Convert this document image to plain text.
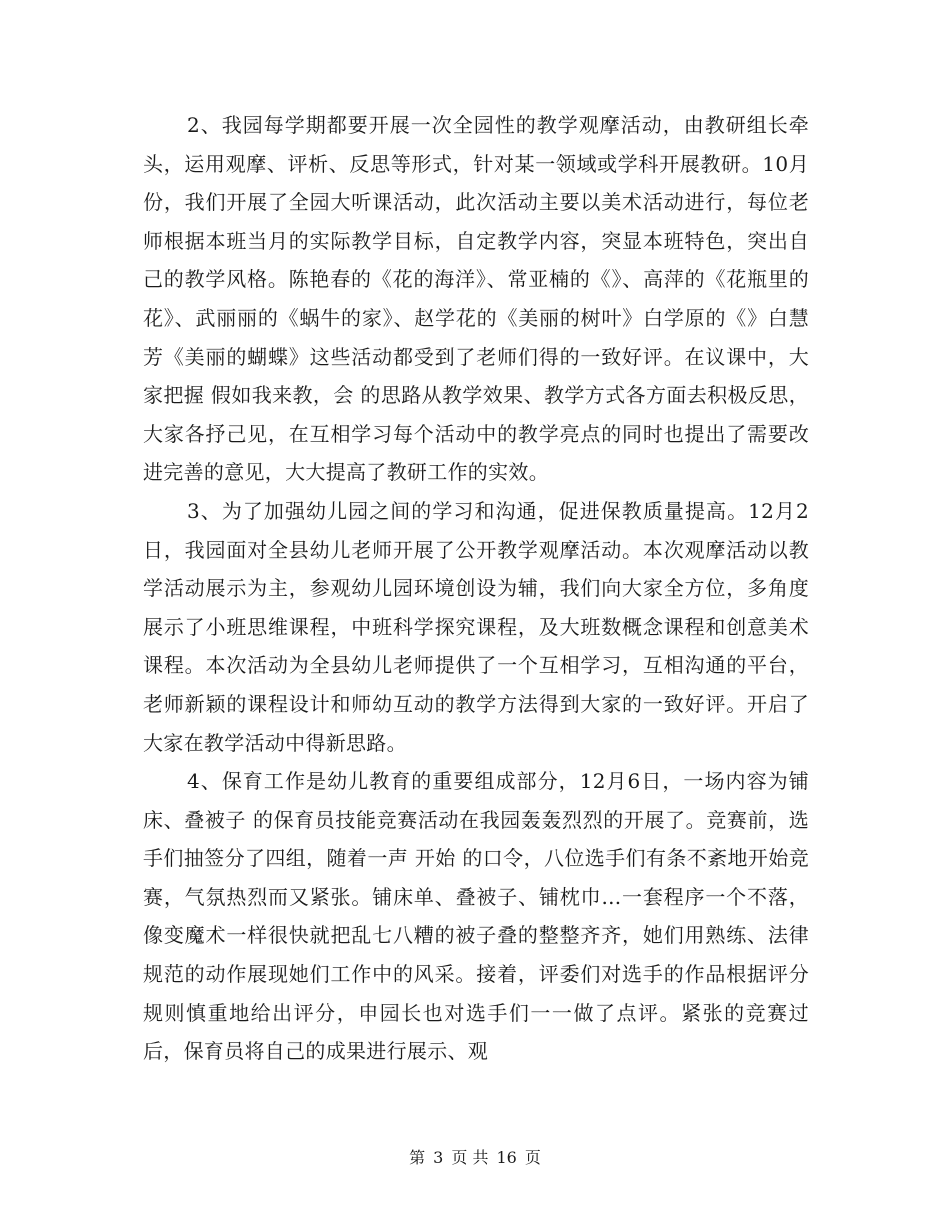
2、我园每学期都要开展一次全园性的教学观摩活动，由教研组长牵头，运用观摩、评析、反思等形式，针对某一领域或学科开展教研。10月份，我们开展了全园大听课活动，此次活动主要以美术活动进行，每位老师根据本班当月的实际教学目标，自定教学内容，突显本班特色，突出自己的教学风格。陈艳春的《花的海洋》、常亚楠的《》、高萍的《花瓶里的花》、武丽丽的《蜗牛的家》、赵学花的《美丽的树叶》白学原的《》白慧芳《美丽的蝴蝶》这些活动都受到了老师们得的一致好评。在议课中，大家把握 假如我来教，会 的思路从教学效果、教学方式各方面去积极反思，大家各抒己见，在互相学习每个活动中的教学亮点的同时也提出了需要改进完善的意见，大大提高了教研工作的实效。

3、为了加强幼儿园之间的学习和沟通，促进保教质量提高。12月2日，我园面对全县幼儿老师开展了公开教学观摩活动。本次观摩活动以教学活动展示为主，参观幼儿园环境创设为辅，我们向大家全方位，多角度展示了小班思维课程，中班科学探究课程，及大班数概念课程和创意美术课程。本次活动为全县幼儿老师提供了一个互相学习，互相沟通的平台，老师新颖的课程设计和师幼互动的教学方法得到大家的一致好评。开启了大家在教学活动中得新思路。

4、保育工作是幼儿教育的重要组成部分，12月6日，一场内容为铺床、叠被子 的保育员技能竞赛活动在我园轰轰烈烈的开展了。竞赛前，选手们抽签分了四组，随着一声 开始 的口令，八位选手们有条不紊地开始竞赛，气氛热烈而又紧张。铺床单、叠被子、铺枕巾...一套程序一个不落，像变魔术一样很快就把乱七八糟的被子叠的整整齐齐，她们用熟练、法律规范的动作展现她们工作中的风采。接着，评委们对选手的作品根据评分规则慎重地给出评分，申园长也对选手们一一做了点评。紧张的竞赛过后，保育员将自己的成果进行展示、观

第 3 页 共 16 页
